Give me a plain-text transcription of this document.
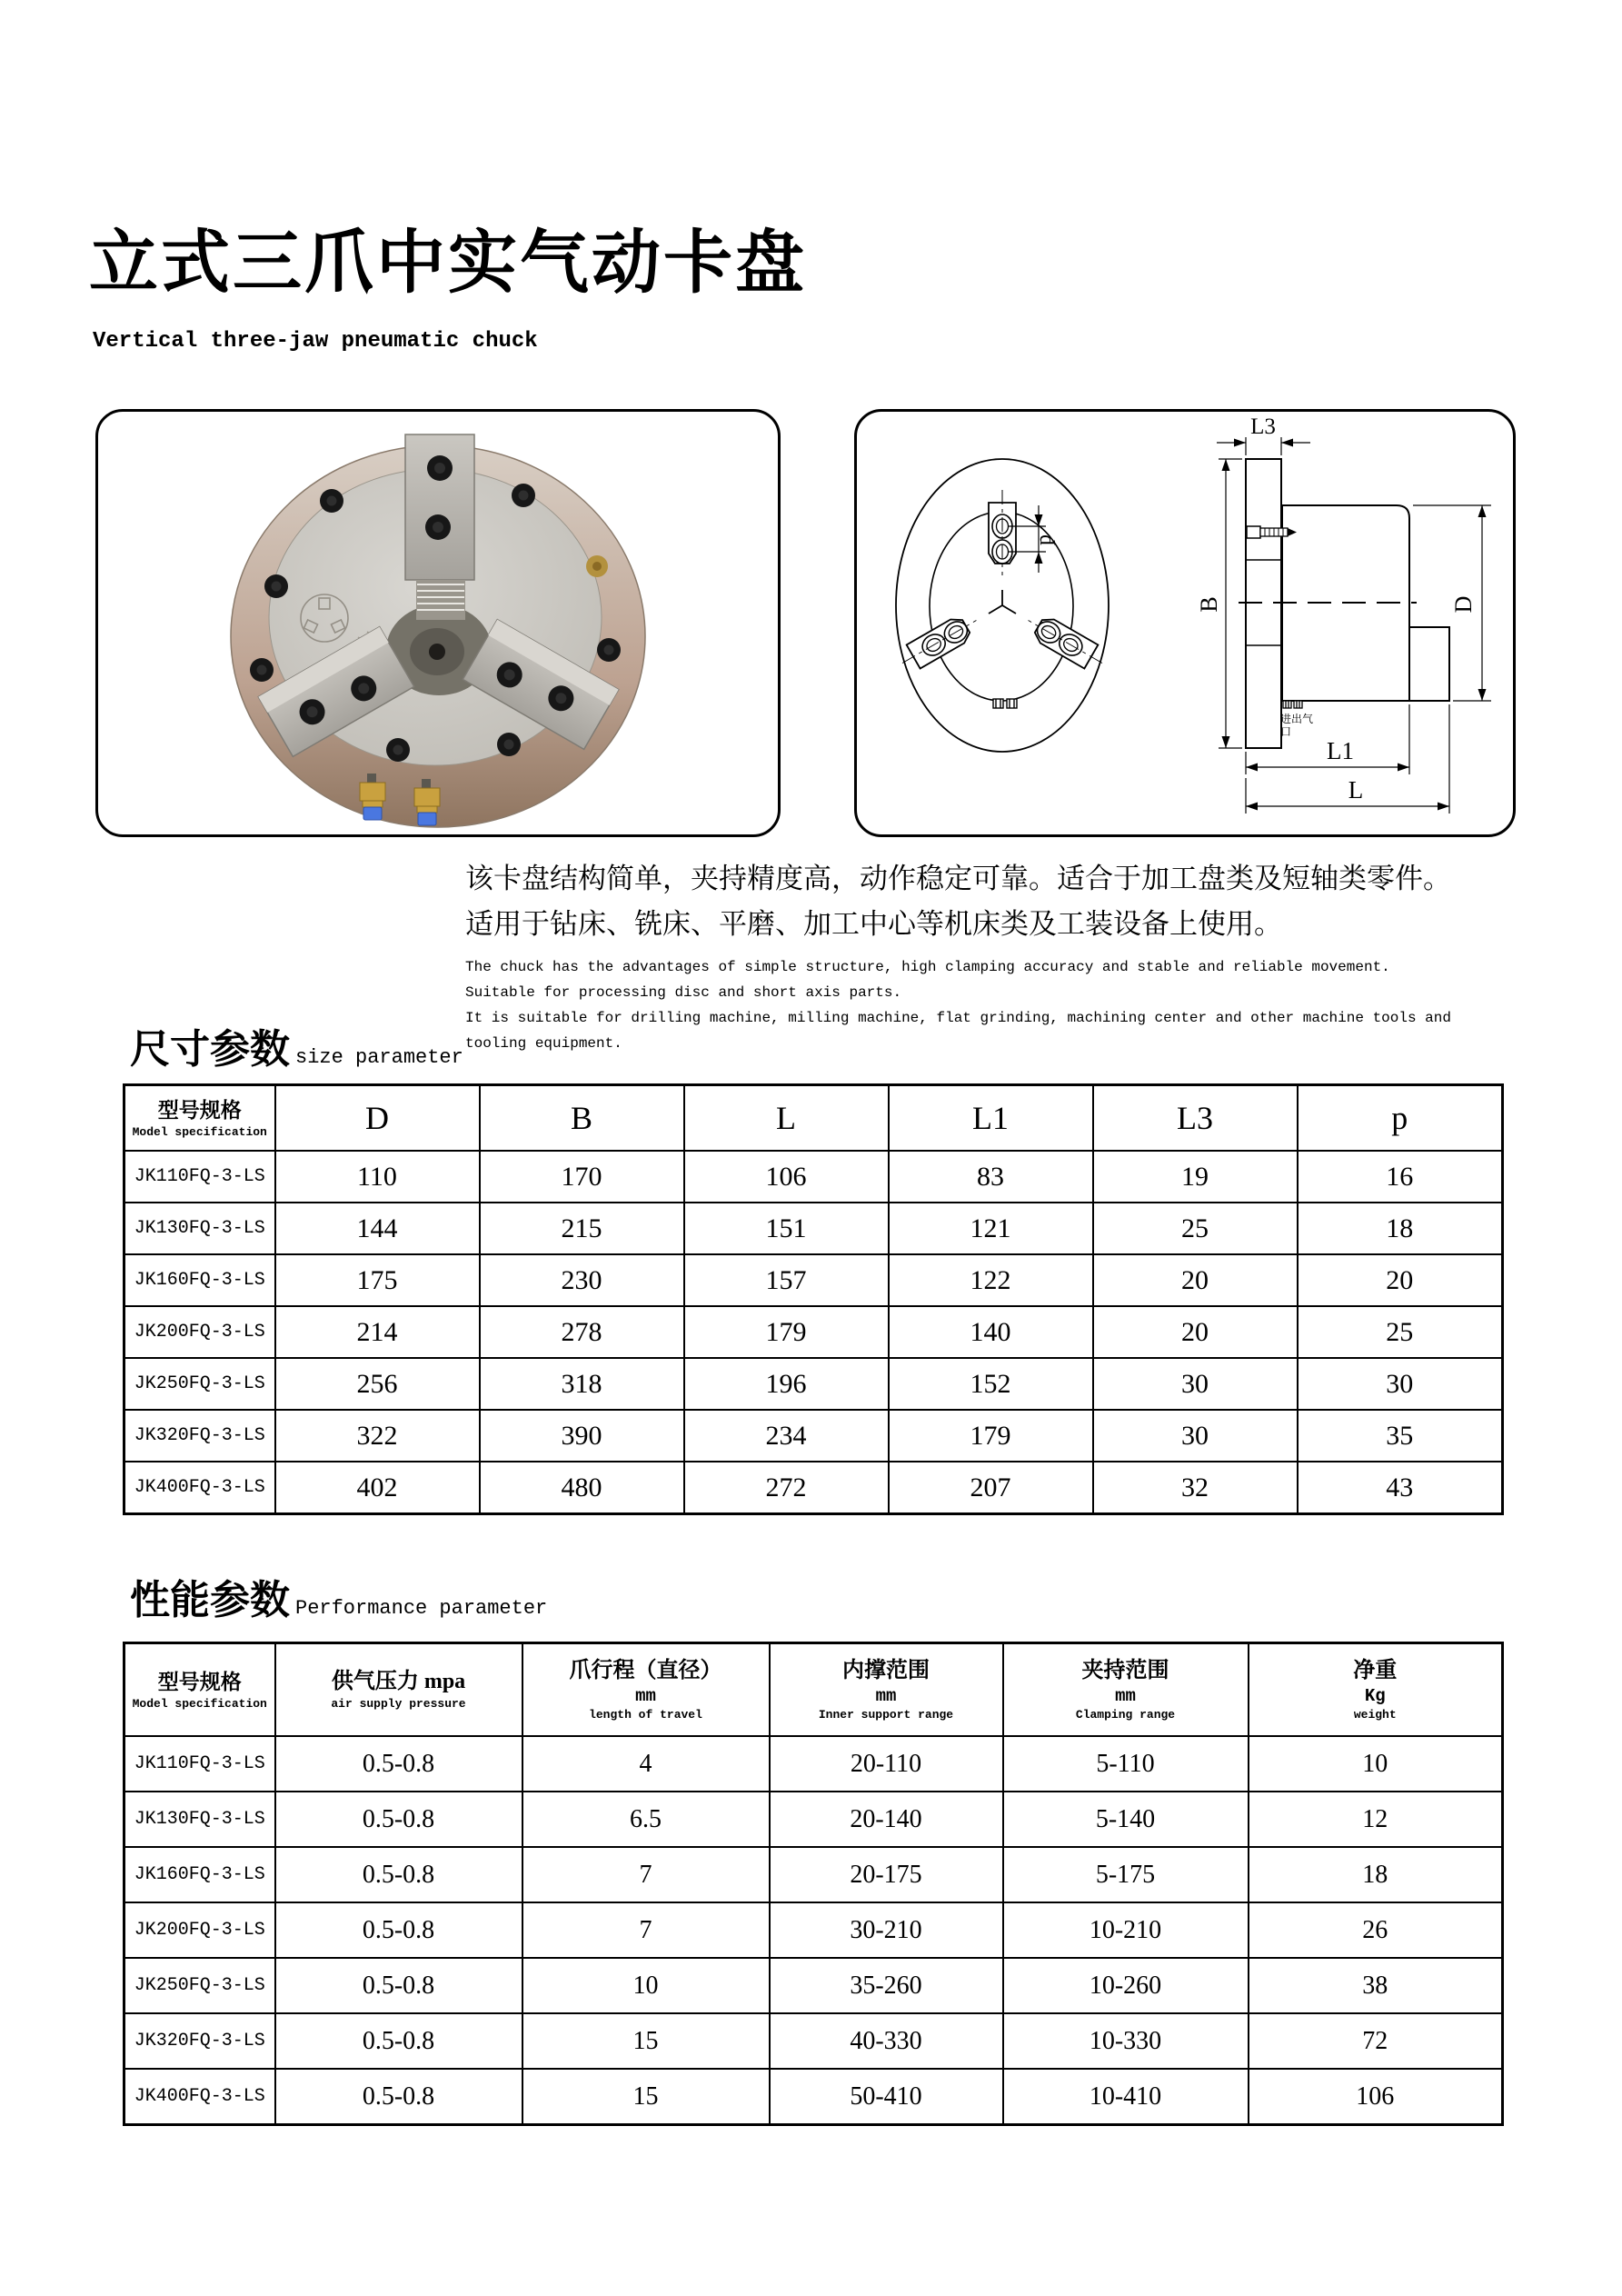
立式三爪中实气动卡盘
Vertical three-jaw pneumatic chuck
p
进出气
口
L3
B	D
L1
L
该卡盘结构简单，夹持精度高，动作稳定可靠。适合于加工盘类及短轴类零件。
适用于钻床、铣床、平磨、加工中心等机床类及工装设备上使用。

The chuck has the advantages of simple structure, high clamping accuracy and stable and reliable movement. Suitable for processing disc and short axis parts.

It is suitable for drilling machine, milling machine, flat grinding, machining center and other machine tools and tooling equipment.

尺寸参数 size parameter
型号规格
Model specification	D	B	L	L1	L3	p
JK110FQ-3-LS	110	170	106	83	19	16
JK130FQ-3-LS	144	215	151	121	25	18
JK160FQ-3-LS	175	230	157	122	20	20
JK200FQ-3-LS	214	278	179	140	20	25
JK250FQ-3-LS	256	318	196	152	30	30
JK320FQ-3-LS	322	390	234	179	30	35
JK400FQ-3-LS	402	480	272	207	32	43
性能参数 Performance parameter
型号规格
Model specification

供气压力 mpa
air supply pressure

爪行程（直径）
mm
length of travel

内撑范围
mm
Inner support range

夹持范围
mm
Clamping range

净重
Kg
weight

JK110FQ-3-LS	0.5-0.8	4	20-110	5-110	10
JK130FQ-3-LS	0.5-0.8	6.5	20-140	5-140	12
JK160FQ-3-LS	0.5-0.8	7	20-175	5-175	18
JK200FQ-3-LS	0.5-0.8	7	30-210	10-210	26
JK250FQ-3-LS	0.5-0.8	10	35-260	10-260	38
JK320FQ-3-LS	0.5-0.8	15	40-330	10-330	72
JK400FQ-3-LS	0.5-0.8	15	50-410	10-410	106
